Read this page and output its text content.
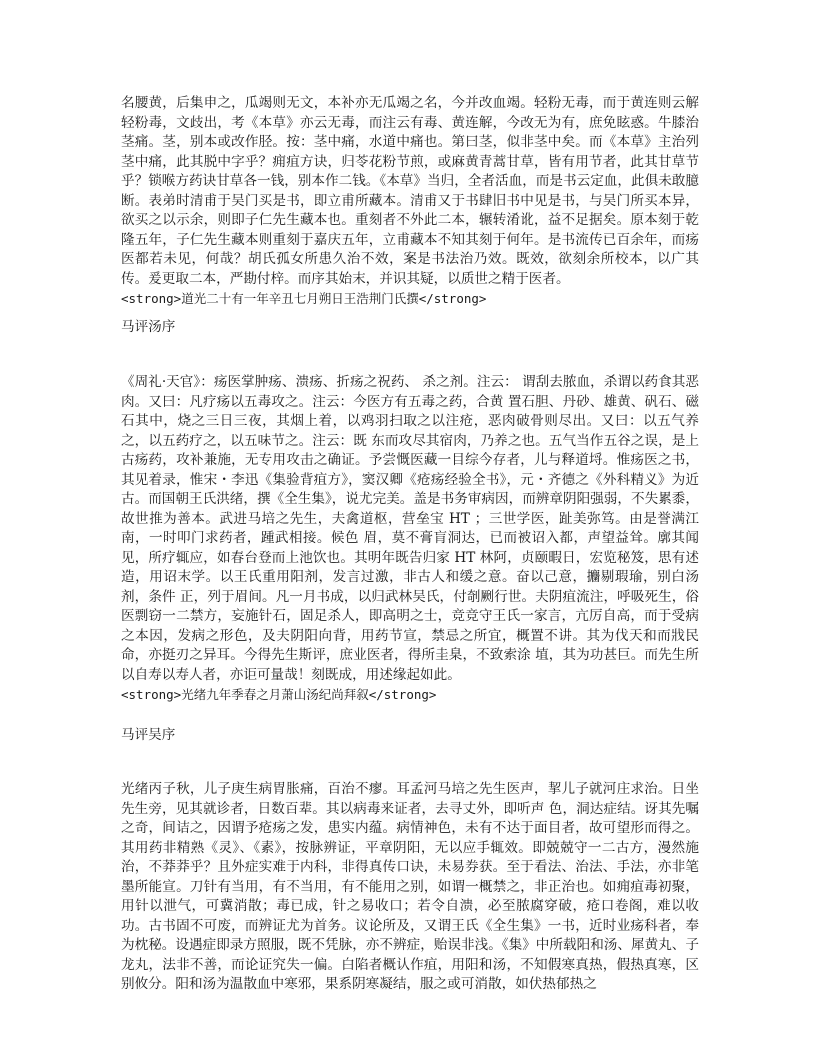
名腰黄，后集申之，瓜竭则无文，本补亦无瓜竭之名，今并改血竭。轻粉无毒，而于黄连则云解轻粉毒，文歧出，考《本草》亦云无毒，而注云有毒、黄连解，今改无为有，庶免眩惑。牛膝治茎痛。茎，别本或改作胫。按：茎中痛，水道中痛也。第曰茎，似非茎中矣。而《本草》主治列茎中痛，此其脱中字乎？痈疽方诀，归苓花粉节煎，或麻黄青蒿甘草，皆有用节者，此其甘草节乎？锁喉方药诀甘草各一钱，别本作二钱。《本草》当归，全者活血，而是书云定血，此俱未敢臆断。表弟时清甫于吴门买是书，即立甫所藏本。清甫又于书肆旧书中见是书，与吴门所买本异，欲买之以示余，则即子仁先生藏本也。重刻者不外此二本，辗转淆讹，益不足据矣。原本刻于乾隆五年，子仁先生藏本则重刻于嘉庆五年，立甫藏本不知其刻于何年。是书流传已百余年，而疡医都若未见，何哉？胡氏孤女所患久治不效，案是书法治乃效。既效，欲刻余所校本，以广其传。爰更取二本，严勘付梓。而序其始末，并识其疑，以质世之精于医者。

<strong>道光二十有一年辛丑七月朔日王浩荆门氏撰</strong>

马评汤序

《周礼·天官》：疡医掌肿疡、溃疡、折疡之祝药、 杀之剂。注云： 谓刮去脓血，杀谓以药食其恶肉。又曰：凡疗疡以五毒攻之。注云：今医方有五毒之药，合黄 置石胆、丹砂、雄黄、矾石、磁石其中，烧之三日三夜，其烟上着，以鸡羽扫取之以注疮，恶肉破骨则尽出。又曰：以五气养之，以五药疗之，以五味节之。注云：既 东而攻尽其宿肉，乃养之也。五气当作五谷之误，是上古疡药，攻补兼施，无专用攻击之确证。予尝慨医藏一目综今存者，儿与释道埒。惟疡医之书，其见着录，惟宋・李迅《集验背疽方》，窦汉卿《疮疡经验全书》，元・齐德之《外科精义》为近古。而国朝王氏洪绪，撰《全生集》，说尤完美。盖是书务审病因，而辨章阴阳强弱，不失累黍，故世推为善本。武进马培之先生，夫禽道枢，营垒宝 HT ；三世学医，趾美弥笃。由是誉满江南，一时叩门求药者，踵武相接。候色 眉，莫不膏肓洞达，已而被诏入都，声望益耸。廓其闻见，所疗辄应，如春台登而上池饮也。其明年既告归家 HT 林阿，贞颐暇日，宏览秘笈，思有述造，用诏末学。以王氏重用阳剂，发言过激，非古人和缓之意。奋以己意，攟剔瑕瑜，别白汤剂，条件 正，列于眉间。凡一月书成，以归武林吴氏，付剞劂行世。夫阴疽流注，呼吸死生，俗医剽窃一二禁方，妄施针石，固足杀人，即高明之士，竞竞守王氏一家言，亢厉自高，而于受病之本因，发病之形色，及夫阴阳向背，用药节宣，禁忌之所宜，概置不讲。其为伐天和而戕民命，亦挺刃之异耳。今得先生斯评，庶业医者，得所圭臬，不致索涂 埴，其为功甚巨。而先生所以自寿以寿人者，亦讵可量哉！刻既成，用述缘起如此。

<strong>光绪九年季春之月萧山汤纪尚拜叙</strong>

马评吴序

光绪丙子秋，儿子庚生病胃胀痛，百治不瘳。耳孟河马培之先生医声，挈儿子就河庄求治。日坐先生旁，见其就诊者，日数百辈。其以病毒来证者，去寻丈外，即听声 色，洞达症结。讶其先嘱之奇，间诘之，因谓予疮疡之发，患实内蕴。病情神色，未有不达于面目者，故可望形而得之。其用药非精熟《灵》、《素》，按脉辨证，平章阴阳，无以应手辄效。即兢兢守一二古方，漫然施治，不莽莽乎？且外症实难于内科，非得真传口诀，未易券获。至于看法、治法、手法，亦非笔墨所能宣。刀针有当用，有不当用，有不能用之别，如谓一概禁之，非正治也。如痈疽毒初聚，用针以泄气，可冀消散；毒已成，针之易收口；若令自溃，必至脓腐穿破，疮口卷阁，难以收功。古书固不可废，而辨证尤为首务。议论所及，又谓王氏《全生集》一书，近时业疡科者，奉为枕秘。设遇症即录方照服，既不凭脉，亦不辨症，贻误非浅。《集》中所载阳和汤、犀黄丸、子龙丸，法非不善，而论证究失一偏。白陷者概认作疽，用阳和汤，不知假寒真热，假热真寒，区别攸分。阳和汤为温散血中寒邪，果系阴寒凝结，服之或可消散，如伏热郁热之
